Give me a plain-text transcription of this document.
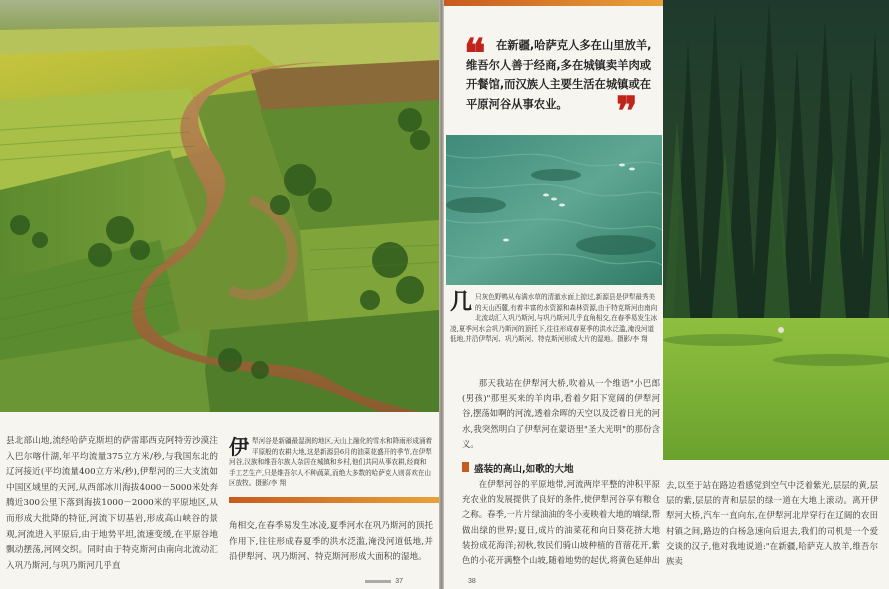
县北部山地,流经哈萨克斯坦的萨雷耶西克阿特劳沙漠注入巴尔喀什湖,年平均流量375立方米/秒,与我国东北的辽河接近(平均流量400立方米/秒),伊犁河的三大支流如中国区域里的天河,从西部冰川海拔4000－5000米处奔腾近300公里下落到海拔1000－2000米的平原地区,从而形成大批降的特征,河流下切基岩,形成高山峡谷的景观,河流进入平原后,由于地势平坦,流速变缓,在平原谷地飘动摆荡,河网交织。同时由于特克斯河由南向北流动汇入巩乃斯河,与巩乃斯河几乎直
伊 犁河谷是新疆最湿润的地区,天山上融化的雪水和降雨形成涌着平原般的农耕大地,这是新源县6月的油菜花盛开的季节,在伊犁河谷,汉族和维吾尔族人杂居在城镇和乡村,他们共同从事农耕,经商和手工艺生产,只是维吾尔人不种蔬菜,而绝大多数的哈萨克人则喜欢在山区放牧。摄影/李 翔
角相交,在春季易发生冰凌,夏季河水在巩乃斯河的顶托作用下,往往形成春夏季的洪水泛滥,淹没河道低地,并沿伊犁河、巩乃斯河、特克斯河形成大面积的湿地。
37
❝ 在新疆,哈萨克人多在山里放羊,维吾尔人善于经商,多在城镇卖羊肉或开餐馆,而汉族人主要生活在城镇或在平原河谷从事农业。	❞
几 只灰色野鸭从布满水草的清澈水面上掠过,新源县是伊犁最秀美的天山西麓,有着丰富的水资源和森林资源,由于特克斯河由南向北流动汇入巩乃斯河,与巩乃斯河几乎直角相交,在春季易发生冰凌,夏季河水会巩乃斯河的顶托下,往往形成春夏季的洪水泛滥,淹没河道低地,并沿伊犁河、巩乃斯河、特克斯河形成大片的湿地。摄影/李 翔
那天我站在伊犁河大桥,吹着从一个维语"小巴郎(男孩)"那里买来的羊肉串,看着夕阳下宽阔的伊犁河谷,摆荡如啊的河流,透着余晖的天空以及泛着日光的河水,我突然明白了伊犁河在蒙语里"圣大光明"的那份含义。
盛装的高山,如歌的大地
在伊犁河谷的平原地带,河流两岸平整的沖积平原充农业的发展提供了良好的条件,使伊犁河谷享有粮仓之称。春季,一片片绿油油的冬小麦映着大地的墒绿,帮做出绿的世界;夏日,成片的油菜花和向日葵花挤大地装扮成花海洋;初秋,牧民们骑山坡种植的苜蓿花开,紫色的小花开满整个山坡,随着地势的起伏,将黄色延伸出
去,以至于站在路边看感觉到空气中泛着紫光,层层的黄,层层的紫,层层的青和层层的绿一道在大地上滚动。离开伊犁河大桥,汽车一直向东,在伊犁河北岸穿行在辽阔的农田村镇之间,路边的白杨急速向后退去,我们的司机是一个爱交谈的汉子,他对我地说道:"在新疆,哈萨克人放羊,维吾尔族卖
38
